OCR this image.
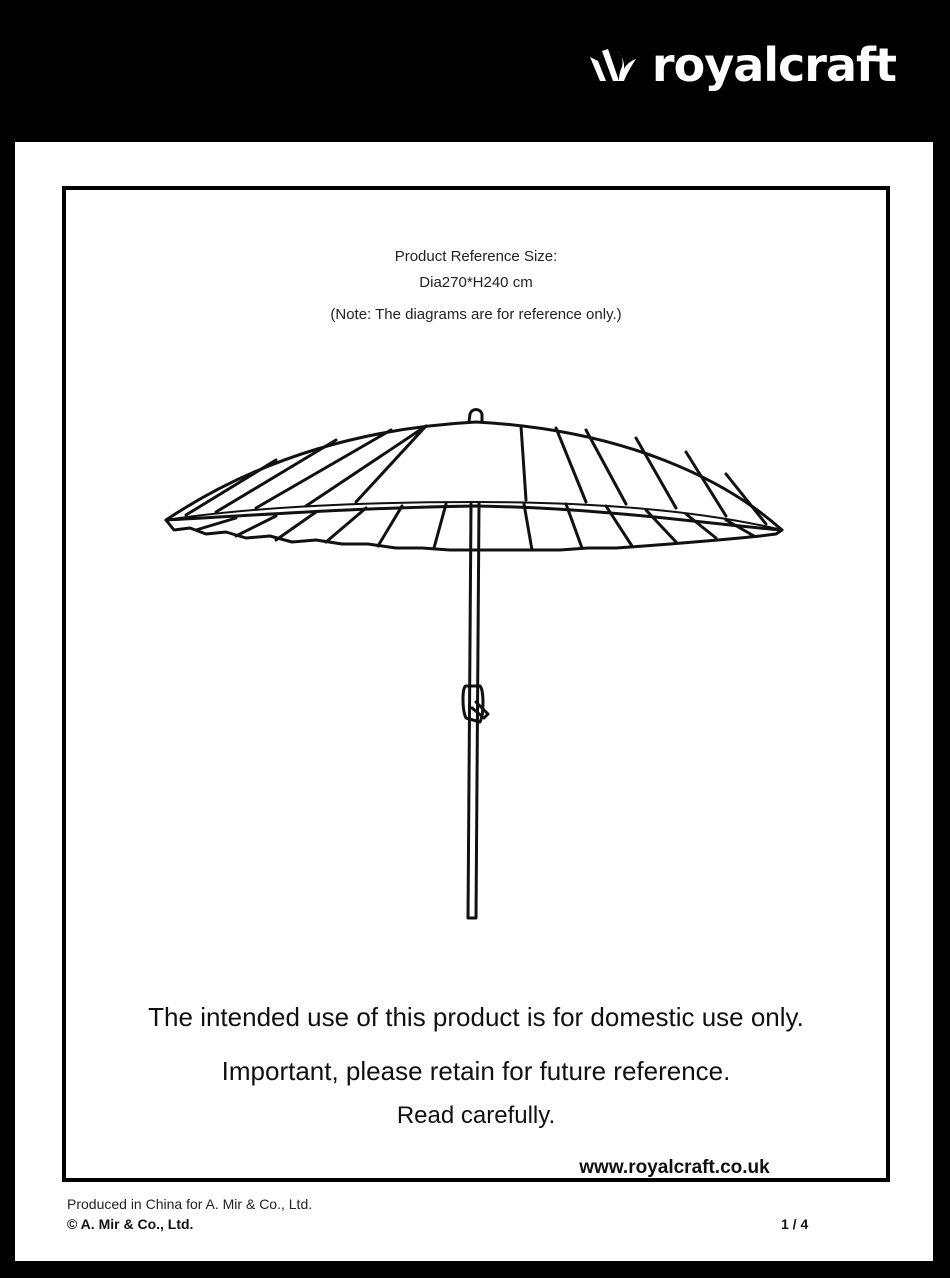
royalcraft
Product Reference Size:
Dia270*H240 cm
(Note: The diagrams are for reference only.)
The intended use of this product is for domestic use only.
Important, please retain for future reference.
Read carefully.
www.royalcraft.co.uk
Produced in China for A. Mir & Co., Ltd.
© A. Mir & Co., Ltd.	1 / 4
